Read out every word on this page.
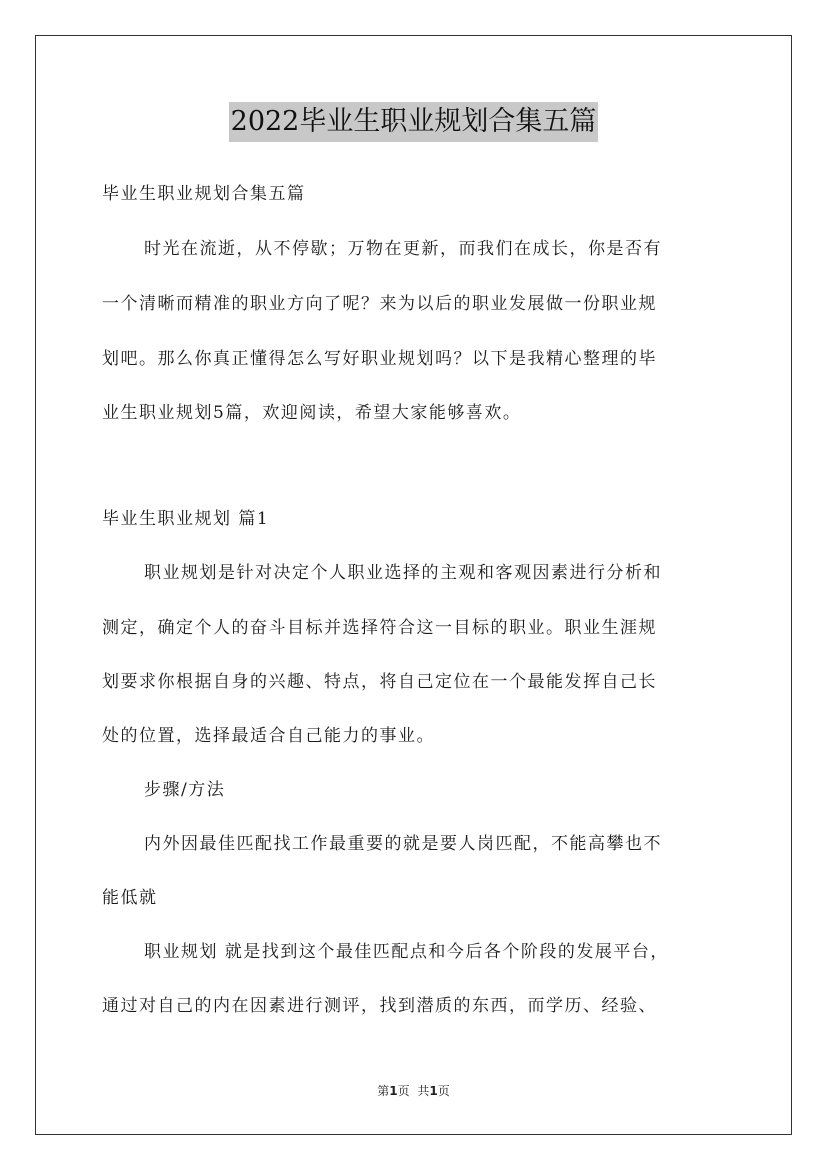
2022毕业生职业规划合集五篇
毕业生职业规划合集五篇
时光在流逝，从不停歇；万物在更新，而我们在成长，你是否有
一个清晰而精准的职业方向了呢？来为以后的职业发展做一份职业规
划吧。那么你真正懂得怎么写好职业规划吗？以下是我精心整理的毕
业生职业规划5篇，欢迎阅读，希望大家能够喜欢。
毕业生职业规划 篇1
职业规划是针对决定个人职业选择的主观和客观因素进行分析和
测定，确定个人的奋斗目标并选择符合这一目标的职业。职业生涯规
划要求你根据自身的兴趣、特点，将自己定位在一个最能发挥自己长
处的位置，选择最适合自己能力的事业。
步骤/方法
内外因最佳匹配找工作最重要的就是要人岗匹配，不能高攀也不
能低就
职业规划 就是找到这个最佳匹配点和今后各个阶段的发展平台，
通过对自己的内在因素进行测评，找到潜质的东西，而学历、经验、
第1页 共1页
